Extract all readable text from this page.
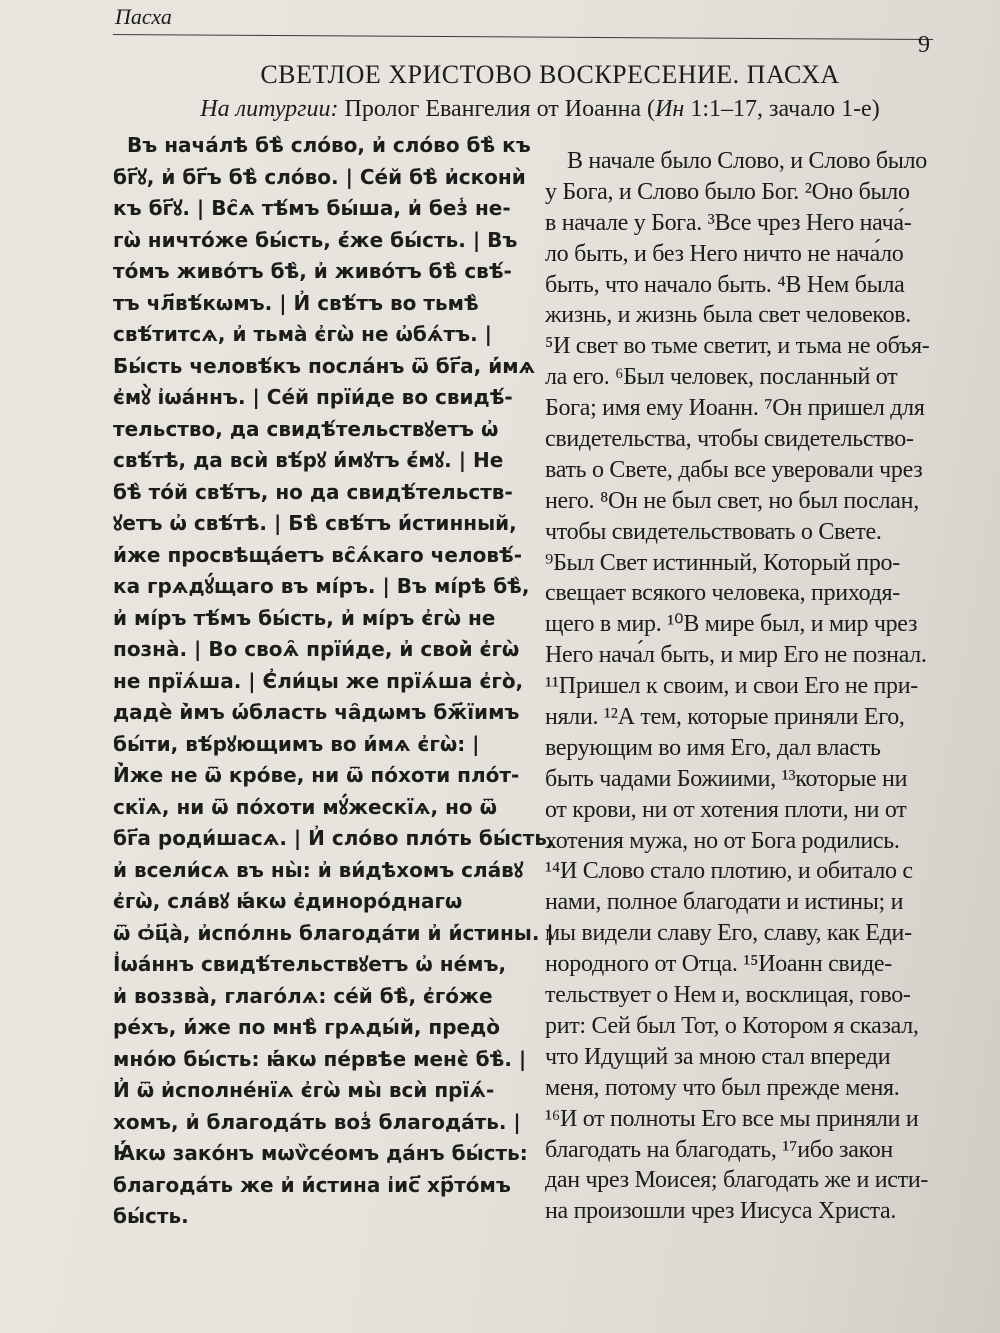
Пасха
9
СВЕТЛОЕ ХРИСТОВО ВОСКРЕСЕНИЕ. ПАСХА
На литургии: Пролог Евангелия от Иоанна (Ин 1:1–17, зачало 1-е)
Въ нача́лѣ бѣ̀ сло́во, и҆ сло́во бѣ̀ къ
бг҃ꙋ, и҆ бг҃ъ бѣ̀ сло́во. | Се́й бѣ̀ и҆сконѝ
къ бг҃ꙋ. | Вс̑ѧ тѣ́мъ бы́ша, и҆ без̾ не-
гѡ̀ ничто́же бы́сть, є҆́же бы́сть. | Въ
то́мъ живо́тъ бѣ̀, и҆ живо́тъ бѣ̀ свѣ́-
тъ чл҃вѣ́кѡмъ. | И҆ свѣ́тъ во тьмѣ̀
свѣ́титсѧ, и҆ тьма̀ є҆гѡ̀ не ѡ҆бѧ́тъ. |
Бы́сть человѣ́къ посла́нъ ѿ бг҃а, и҆́мѧ
є҆мꙋ̀ і҆ѡа́ннъ. | Се́й прїи́де во свидѣ́-
тельство, да свидѣ́тельствꙋетъ ѡ҆
свѣ́тѣ, да всѝ вѣ́рꙋ и҆́мꙋтъ є҆́мꙋ. | Не
бѣ̀ то́й свѣ́тъ, но да свидѣ́тельств-
ꙋетъ ѡ҆ свѣ́тѣ. | Бѣ̀ свѣ́тъ и҆́стинный,
и҆́же просвѣща́етъ вс̑ѧ́каго человѣ́-
ка грѧдꙋ́щаго въ мі́ръ. | Въ мі́рѣ бѣ̀,
и҆ мі́ръ тѣ́мъ бы́сть, и҆ мі́ръ є҆гѡ̀ не
позна̀. | Во своѧ̑ прїи́де, и҆ свои̇̀ є҆гѡ̀
не прїѧ́ша. | Є҆ли́цы же прїѧ́ша є҆го̀,
дадѐ и҆̀мъ ѡ҆́бласть ча̑дѡмъ бж҃їимъ
бы́ти, вѣ́рꙋющимъ во и҆́мѧ є҆гѡ̀: |
И҆̀же не ѿ кро́ве, ни ѿ по́хоти пло́т-
скїѧ, ни ѿ по́хоти мꙋ́жескїѧ, но ѿ
бг҃а роди́шасѧ. | И҆ сло́во пло́ть бы́сть,
и҆ всели́сѧ въ ны̀: и҆ ви́дѣхомъ сла́вꙋ
є҆гѡ̀, сла́вꙋ ꙗ҆́кѡ є҆диноро́днагѡ
ѿ ѻ҆ц҃а̀, и҆спо́лнь благода́ти и҆ и҆́стины. |
І҆ѡа́ннъ свидѣ́тельствꙋетъ ѡ҆ не́мъ,
и҆ воззва̀, глаго́лѧ: се́й бѣ̀, є҆го́же
рéхъ, и҆́же по мнѣ̀ грѧды́й, предо̀
мно́ю бы́сть: ꙗ҆́кѡ пе́рвѣе менє̀ бѣ̀. |
И҆ ѿ и҆сполне́нїѧ є҆гѡ̀ мы̀ всѝ прїѧ́-
хомъ, и҆ благода́ть воз̾ благода́ть. |
Ꙗ҆́кѡ зако́нъ мѡѷсе́омъ да́нъ бы́сть:
благода́ть же и҆ и҆́стина і҆ис҃ хр҃то́мъ
бы́сть.
В начале было Слово, и Слово было
у Бога, и Слово было Бог. ²Оно было
в начале у Бога. ³Все чрез Него нача́-
ло быть, и без Него ничто не нача́ло
быть, что начало быть. ⁴В Нем была
жизнь, и жизнь была свет человеков.
⁵И свет во тьме светит, и тьма не объя-
ла его. ⁶Был человек, посланный от
Бога; имя ему Иоанн. ⁷Он пришел для
свидетельства, чтобы свидетельство-
вать о Свете, дабы все уверовали чрез
него. ⁸Он не был свет, но был послан,
чтобы свидетельствовать о Свете.
⁹Был Свет истинный, Который про-
свещает всякого человека, приходя-
щего в мир. ¹⁰В мире был, и мир чрез
Него нача́л быть, и мир Его не познал.
¹¹Пришел к своим, и свои Его не при-
няли. ¹²А тем, которые приняли Его,
верующим во имя Его, дал власть
быть чадами Божиими, ¹³которые ни
от крови, ни от хотения плоти, ни от
хотения мужа, но от Бога родились.
¹⁴И Слово стало плотию, и обитало с
нами, полное благодати и истины; и
мы видели славу Его, славу, как Еди-
нородного от Отца. ¹⁵Иоанн свиде-
тельствует о Нем и, восклицая, гово-
рит: Сей был Тот, о Котором я сказал,
что Идущий за мною стал впереди
меня, потому что был прежде меня.
¹⁶И от полноты Его все мы приняли и
благодать на благодать, ¹⁷ибо закон
дан чрез Моисея; благодать же и исти-
на произошли чрез Иисуса Христа.
